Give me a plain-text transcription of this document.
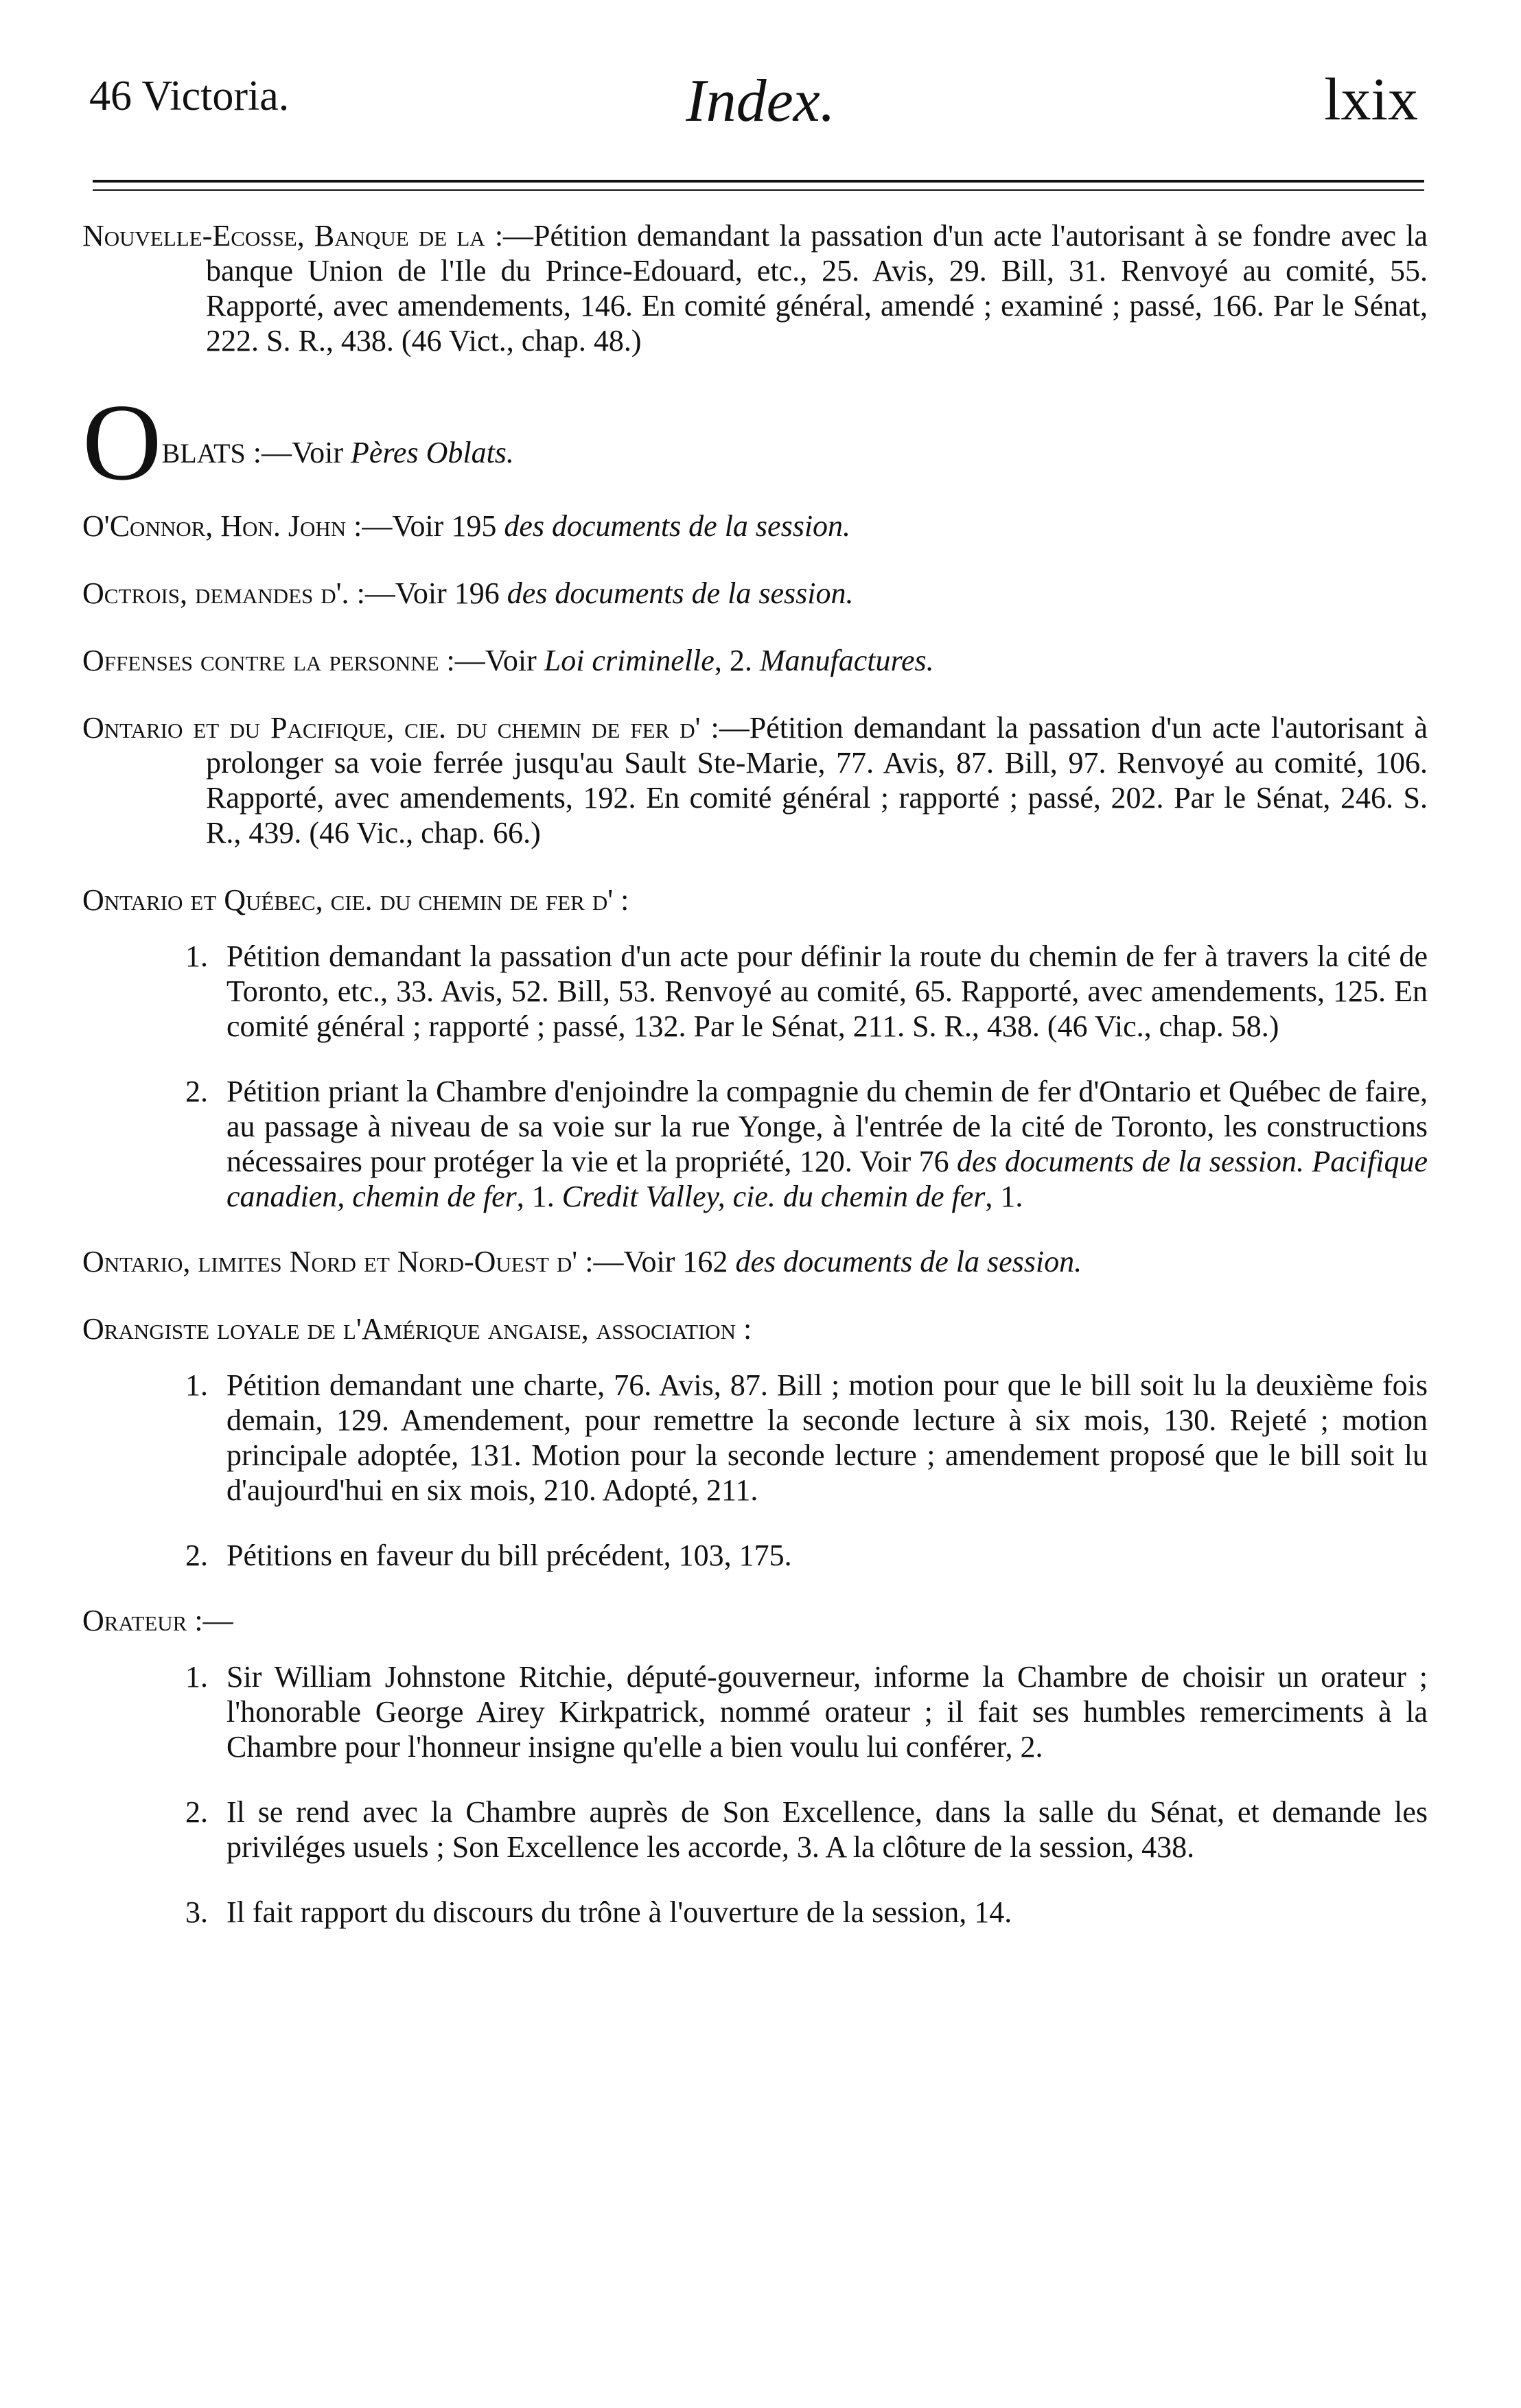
46 Victoria.	Index.	lxix

Nouvelle-Ecosse, Banque de la :—Pétition demandant la passation d'un acte l'autorisant à se fondre avec la banque Union de l'Ile du Prince-Edouard, etc., 25. Avis, 29. Bill, 31. Renvoyé au comité, 55. Rapporté, avec amendements, 146. En comité général, amendé ; examiné ; passé, 166. Par le Sénat, 222. S. R., 438. (46 Vict., chap. 48.)

OBLATS :—Voir Pères Oblats.

O'Connor, Hon. John :—Voir 195 des documents de la session.

Octrois, demandes d'. :—Voir 196 des documents de la session.

Offenses contre la personne :—Voir Loi criminelle, 2. Manufactures.

Ontario et du Pacifique, cie. du chemin de fer d' :—Pétition demandant la passation d'un acte l'autorisant à prolonger sa voie ferrée jusqu'au Sault Ste-Marie, 77. Avis, 87. Bill, 97. Renvoyé au comité, 106. Rapporté, avec amendements, 192. En comité général ; rapporté ; passé, 202. Par le Sénat, 246. S. R., 439. (46 Vic., chap. 66.)

Ontario et Québec, cie. du chemin de fer d' :

1. Pétition demandant la passation d'un acte pour définir la route du chemin de fer à travers la cité de Toronto, etc., 33. Avis, 52. Bill, 53. Renvoyé au comité, 65. Rapporté, avec amendements, 125. En comité général ; rapporté ; passé, 132. Par le Sénat, 211. S. R., 438. (46 Vic., chap. 58.)
2. Pétition priant la Chambre d'enjoindre la compagnie du chemin de fer d'Ontario et Québec de faire, au passage à niveau de sa voie sur la rue Yonge, à l'entrée de la cité de Toronto, les constructions nécessaires pour protéger la vie et la propriété, 120. Voir 76 des documents de la session. Pacifique canadien, chemin de fer, 1. Credit Valley, cie. du chemin de fer, 1.

Ontario, limites Nord et Nord-Ouest d' :—Voir 162 des documents de la session.

Orangiste loyale de l'Amérique angaise, association :

1. Pétition demandant une charte, 76. Avis, 87. Bill ; motion pour que le bill soit lu la deuxième fois demain, 129. Amendement, pour remettre la seconde lecture à six mois, 130. Rejeté ; motion principale adoptée, 131. Motion pour la seconde lecture ; amendement proposé que le bill soit lu d'aujourd'hui en six mois, 210. Adopté, 211.
2. Pétitions en faveur du bill précédent, 103, 175.

Orateur :—

1. Sir William Johnstone Ritchie, député-gouverneur, informe la Chambre de choisir un orateur ; l'honorable George Airey Kirkpatrick, nommé orateur ; il fait ses humbles remerciments à la Chambre pour l'honneur insigne qu'elle a bien voulu lui conférer, 2.
2. Il se rend avec la Chambre auprès de Son Excellence, dans la salle du Sénat, et demande les priviléges usuels ; Son Excellence les accorde, 3. A la clôture de la session, 438.
3. Il fait rapport du discours du trône à l'ouverture de la session, 14.
